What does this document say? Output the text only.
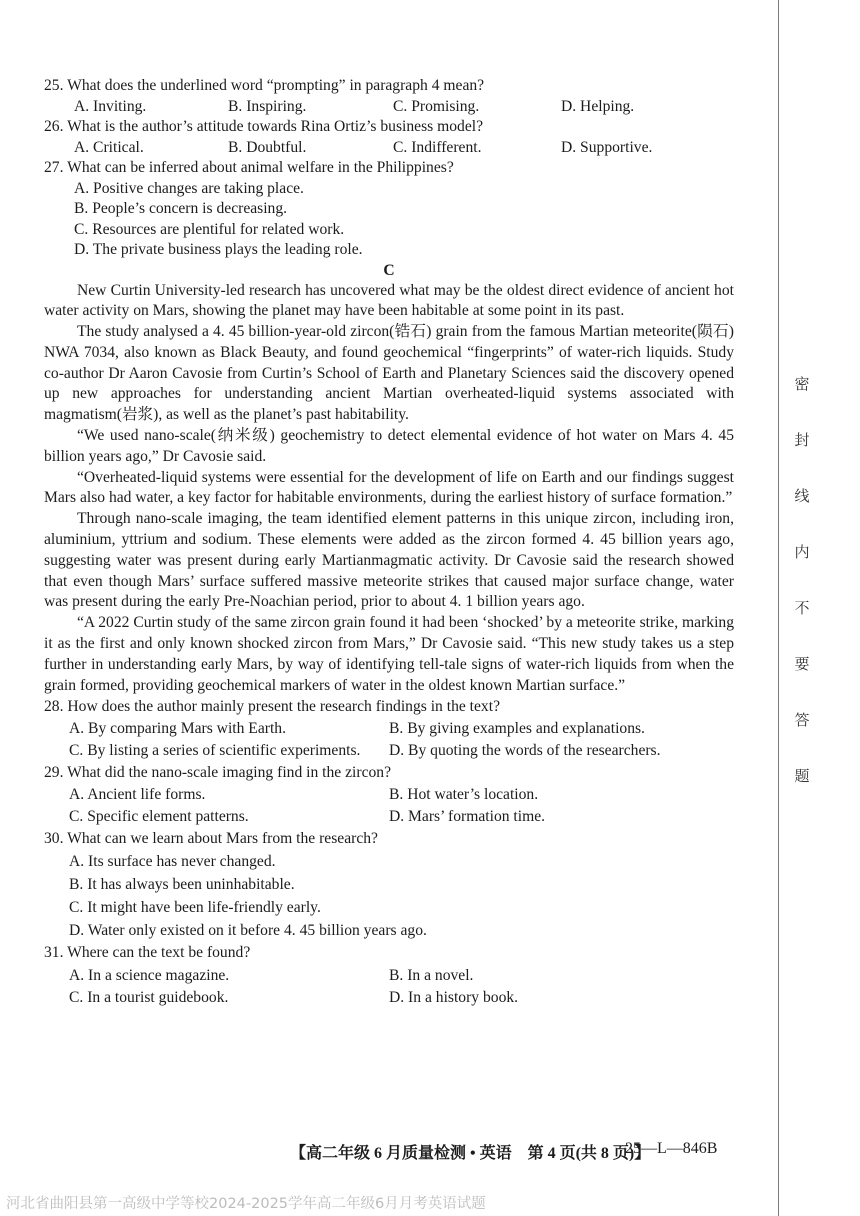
25. What does the underlined word “prompting” in paragraph 4 mean?
A. Inviting.	B. Inspiring.	C. Promising.	D. Helping.
26. What is the author’s attitude towards Rina Ortiz’s business model?
A. Critical.	B. Doubtful.	C. Indifferent.	D. Supportive.
27. What can be inferred about animal welfare in the Philippines?
A. Positive changes are taking place.
B. People’s concern is decreasing.
C. Resources are plentiful for related work.
D. The private business plays the leading role.
C

New Curtin University-led research has uncovered what may be the oldest direct evidence of ancient hot water activity on Mars, showing the planet may have been habitable at some point in its past.

The study analysed a 4. 45 billion-year-old zircon(锆石) grain from the famous Martian meteorite(陨石) NWA 7034, also known as Black Beauty, and found geochemical “fingerprints” of water-rich liquids. Study co-author Dr Aaron Cavosie from Curtin’s School of Earth and Planetary Sciences said the discovery opened up new approaches for understanding ancient Martian overheated-liquid systems associated with magmatism(岩浆), as well as the planet’s past habitability.

“We used nano-scale(纳米级) geochemistry to detect elemental evidence of hot water on Mars 4. 45 billion years ago,” Dr Cavosie said.

“Overheated-liquid systems were essential for the development of life on Earth and our findings suggest Mars also had water, a key factor for habitable environments, during the earliest history of surface formation.”

Through nano-scale imaging, the team identified element patterns in this unique zircon, including iron, aluminium, yttrium and sodium. These elements were added as the zircon formed 4. 45 billion years ago, suggesting water was present during early Martianmagmatic activity. Dr Cavosie said the research showed that even though Mars’ surface suffered massive meteorite strikes that caused major surface change, water was present during the early Pre-Noachian period, prior to about 4. 1 billion years ago.

“A 2022 Curtin study of the same zircon grain found it had been ‘shocked’ by a meteorite strike, marking it as the first and only known shocked zircon from Mars,” Dr Cavosie said. “This new study takes us a step further in understanding early Mars, by way of identifying tell-tale signs of water-rich liquids from when the grain formed, providing geochemical markers of water in the oldest known Martian surface.”

28. How does the author mainly present the research findings in the text?
A. By comparing Mars with Earth.	B. By giving examples and explanations.
C. By listing a series of scientific experiments.	D. By quoting the words of the researchers.
29. What did the nano-scale imaging find in the zircon?
A. Ancient life forms.	B. Hot water’s location.
C. Specific element patterns.	D. Mars’ formation time.
30. What can we learn about Mars from the research?
A. Its surface has never changed.
B. It has always been uninhabitable.
C. It might have been life-friendly early.
D. Water only existed on it before 4. 45 billion years ago.
31. Where can the text be found?
A. In a science magazine.	B. In a novel.
C. In a tourist guidebook.	D. In a history book.
【高二年级 6 月质量检测 • 英语　第 4 页(共 8 页)】
25—L—846B
河北省曲阳县第一高级中学等校2024-2025学年高二年级6月月考英语试题
密
封
线
内
不
要
答
题
